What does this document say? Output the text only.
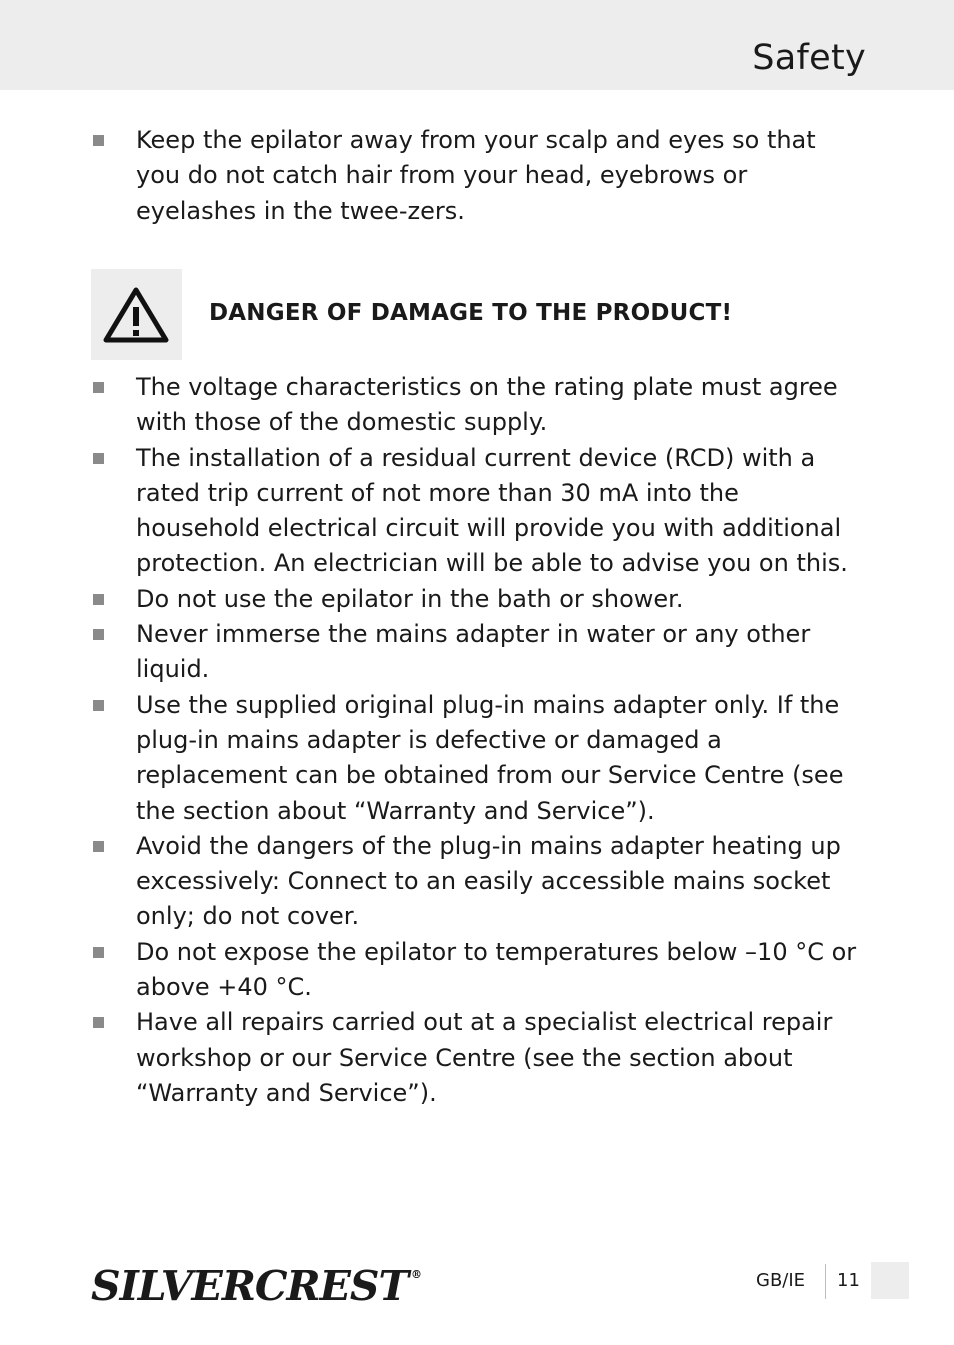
Safety
Keep the epilator away from your scalp and eyes so that you do not catch hair from your head, eyebrows or eyelashes in the twee-zers.
DANGER OF DAMAGE TO THE PRODUCT!
The voltage characteristics on the rating plate must agree with those of the domestic supply.
The installation of a residual current device (RCD) with a rated trip current of not more than 30 mA into the household electrical circuit will provide you with additional protection. An electrician will be able to advise you on this.
Do not use the epilator in the bath or shower.
Never immerse the mains adapter in water or any other liquid.
Use the supplied original plug-in mains adapter only. If the plug-in mains adapter is defective or damaged a replacement can be obtained from our Service Centre (see the section about “Warranty and Service”).
Avoid the dangers of the plug-in mains adapter heating up excessively: Connect to an easily accessible mains socket only; do not cover.
Do not expose the epilator to temperatures below –10 °C or above +40 °C.
Have all repairs carried out at a specialist electrical repair workshop or our Service Centre (see the section about “Warranty and Service”).
SILVERCREST ®	GB/IE 11
